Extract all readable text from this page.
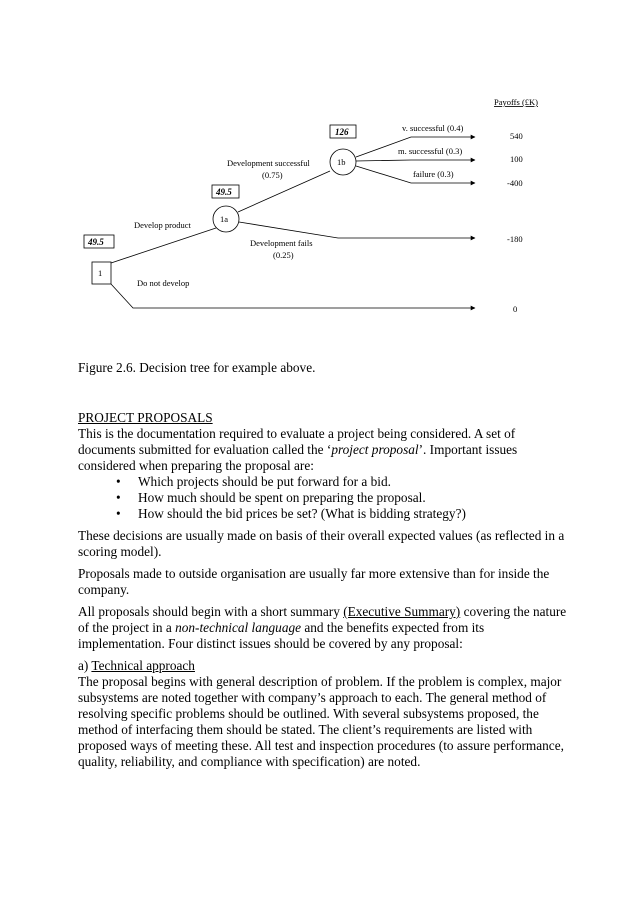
Payoffs (£K)
49.5
1
Develop product
Do not develop
49.5
1a
Development successful
(0.75)
Development fails
(0.25)
126
1b
v. successful (0.4)
m. successful (0.3)
failure (0.3)
540
100
-400
-180
0
Figure 2.6. Decision tree for example above.

PROJECT PROPOSALS

This is the documentation required to evaluate a project being considered. A set of documents submitted for evaluation called the ‘project proposal’. Important issues considered when preparing the proposal are:

• Which projects should be put forward for a bid.
• How much should be spent on preparing the proposal.
• How should the bid prices be set? (What is bidding strategy?)

These decisions are usually made on basis of their overall expected values (as reflected in a scoring model).

Proposals made to outside organisation are usually far more extensive than for inside the company.

All proposals should begin with a short summary (Executive Summary) covering the nature of the project in a non-technical language and the benefits expected from its implementation. Four distinct issues should be covered by any proposal:

a) Technical approach

The proposal begins with general description of problem. If the problem is complex, major subsystems are noted together with company’s approach to each. The general method of resolving specific problems should be outlined. With several subsystems proposed, the method of interfacing them should be stated. The client’s requirements are listed with proposed ways of meeting these. All test and inspection procedures (to assure performance, quality, reliability, and compliance with specification) are noted.
